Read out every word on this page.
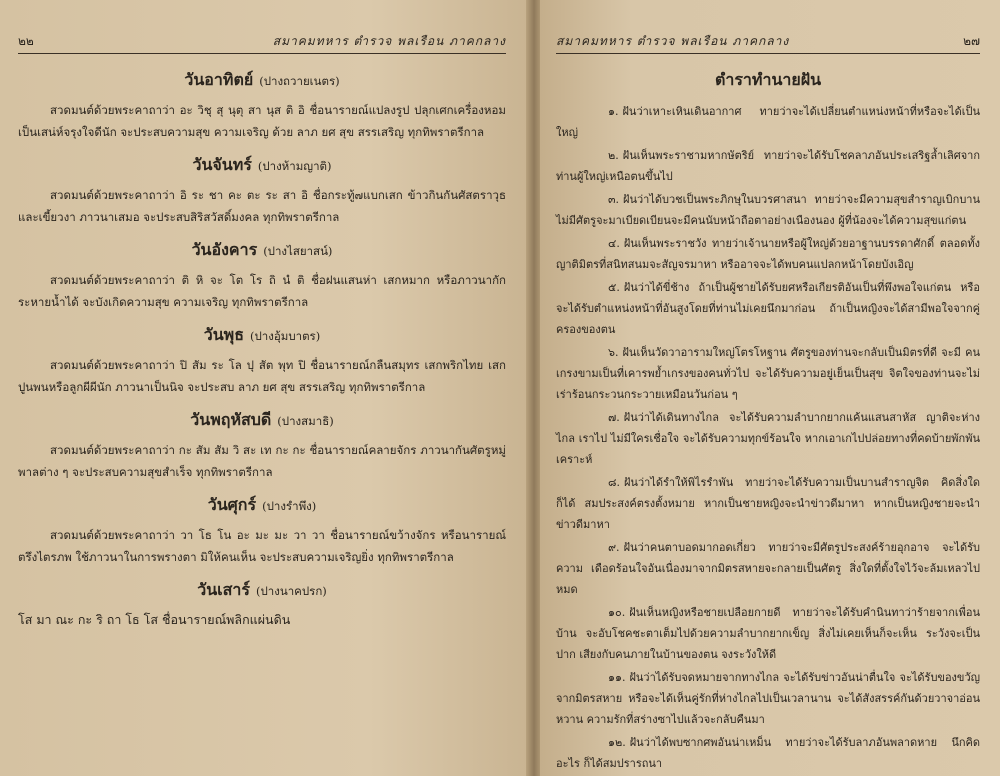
๒๒	สมาคมทหาร ตำรวจ พลเรือน ภาคกลาง
วันอาทิตย์ (ปางถวายเนตร)

สวดมนต์ด้วยพระคาถาว่า อะ วิชุ สุ นุตุ สา นุส ติ อิ ชื่อนารายณ์แปลงรูป ปลุกเศกเครื่องหอม เป็นเสน่ห์จรุงใจดีนัก จะประสบความสุข ความเจริญ ด้วย ลาภ ยศ สุข สรรเสริญ ทุกทิพราตรีกาล

วันจันทร์ (ปางห้ามญาติ)

สวดมนต์ด้วยพระคาถาว่า อิ ระ ชา คะ ตะ ระ สา อิ ชื่อกระทู้๗แบกเสก ข้าวกินกันศัสตราวุธ และเขี้ยวงา ภาวนาเสมอ จะประสบสิริสวัสดิ์มงคล ทุกทิพราตรีกาล

วันอังคาร (ปางไสยาสน์)

สวดมนต์ด้วยพระคาถาว่า ติ หิ จะ โต โร ถิ นํ ติ ชื่อฝนแสนห่า เสกหมาก หรือภาวนากักระหายน้ำได้ จะบังเกิดความสุข ความเจริญ ทุกทิพราตรีกาล

วันพุธ (ปางอุ้มบาตร)

สวดมนต์ด้วยพระคาถาว่า ปิ สัม ระ โล ปุ สัต พุท ปิ ชื่อนารายณ์กลืนสมุทร เสกพริกไทย เสกปูนพนหรือลูกผีผีนัก ภาวนาเป็นนิจ จะประสบ ลาภ ยศ สุข สรรเสริญ ทุกทิพราตรีกาล

วันพฤหัสบดี (ปางสมาธิ)

สวดมนต์ด้วยพระคาถาว่า กะ สัม สัม วิ สะ เท กะ กะ ชื่อนารายณ์คลายจักร ภาวนากันศัตรูหมู่พาลต่าง ๆ จะประสบความสุขสำเร็จ ทุกทิพราตรีกาล

วันศุกร์ (ปางรำพึง)

สวดมนต์ด้วยพระคาถาว่า วา โธ โน อะ มะ มะ วา วา ชื่อนารายณ์ขว้างจักร หรือนารายณ์ตรึงไตรภพ ใช้ภาวนาในการพรางตา มิให้คนเห็น จะประสบความเจริญยิ่ง ทุกทิพราตรีกาล

วันเสาร์ (ปางนาคปรก)

โส มา ณะ กะ ริ ถา โธ โส ชื่อนารายณ์พลิกแผ่นดิน

สมาคมทหาร ตำรวจ พลเรือน ภาคกลาง	๒๗
ตำราทำนายฝัน

๑. ฝันว่าเหาะเหินเดินอากาศ ทายว่าจะได้เปลี่ยนตำแหน่งหน้าที่หรือจะได้เป็นใหญ่

๒. ฝันเห็นพระราชามหากษัตริย์ ทายว่าจะได้รับโชคลาภอันประเสริฐล้ำเลิศจาก ท่านผู้ใหญ่เหนือตนขึ้นไป

๓. ฝันว่าได้บวชเป็นพระภิกษุในบวรศาสนา ทายว่าจะมีความสุขสำราญเบิกบาน ไม่มีศัตรูจะมาเบียดเบียนจะมีคนนับหน้าถือตาอย่างเนืองนอง ผู้ที่น้องจะได้ความสุขแก่ตน

๔. ฝันเห็นพระราชวัง ทายว่าเจ้านายหรือผู้ใหญ่ด้วยอาฐานบรรดาศักดิ์ ตลอดทั้ง ญาติมิตรที่สนิทสนมจะสัญจรมาหา หรืออาจจะได้พบคนแปลกหน้าโดยบังเอิญ

๕. ฝันว่าได้ขี่ช้าง ถ้าเป็นผู้ชายได้รับยศหรือเกียรติอันเป็นที่พึงพอใจแก่ตน หรือ จะได้รับตำแหน่งหน้าที่อันสูงโดยที่ท่านไม่เคยนึกมาก่อน ถ้าเป็นหญิงจะได้สามีพอใจจากคู่ ครองของตน

๖. ฝันเห็นวัดวาอารามใหญ่โตรโหฐาน ศัตรูของท่านจะกลับเป็นมิตรที่ดี จะมี คนเกรงขามเป็นที่เคารพย้ำเกรงของคนทั่วไป จะได้รับความอยู่เย็นเป็นสุข จิตใจของท่านจะไม่ เร่าร้อนกระวนกระวายเหมือนวันก่อน ๆ

๗. ฝันว่าได้เดินทางไกล จะได้รับความลำบากยากแค้นแสนสาหัส ญาติจะห่างไกล เราไป ไม่มีใครเชื่อใจ จะได้รับความทุกข์ร้อนใจ หากเอาเกไปปล่อยทางที่คดบ้ายพักพัน เคราะห์

๘. ฝันว่าได้รำให้พิไรรำพัน ทายว่าจะได้รับความเป็นบานสำราญจิต คิดสิ่งใดก็ได้ สมประสงค์ตรงตั้งหมาย หากเป็นชายหญิงจะนำข่าวดีมาหา หากเป็นหญิงชายจะนำข่าวดีมาหา

๙. ฝันว่าคนตาบอดมากอดเกี่ยว ทายว่าจะมีศัตรูประสงค์ร้ายอุกอาจ จะได้รับความ เดือดร้อนใจอันเนื่องมาจากมิตรสหายจะกลายเป็นศัตรู สิ่งใดที่ตั้งใจไว้จะล้มเหลวไปหมด

๑๐. ฝันเห็นหญิงหรือชายเปลือยกายดี ทายว่าจะได้รับคำนินทาว่าร้ายจากเพื่อน บ้าน จะอับโชคชะตาเต็มไปด้วยความลำบากยากเข็ญ สิ่งไม่เคยเห็นก็จะเห็น ระวังจะเป็นปาก เสียงกับคนภายในบ้านของตน จงระวังให้ดี

๑๑. ฝันว่าได้รับจดหมายจากทางไกล จะได้รับข่าวอันน่าตื่นใจ จะได้รับของขวัญ จากมิตรสหาย หรือจะได้เห็นคู่รักที่ห่างไกลไปเป็นเวลานาน จะได้สังสรรค์กันด้วยวาจาอ่อน หวาน ความรักที่สร่างซาไปแล้วจะกลับคืนมา

๑๒. ฝันว่าได้พบซากศพอันน่าเหม็น ทายว่าจะได้รับลาภอันพลาดหาย นึกคิดอะไร ก็ได้สมปรารถนา
